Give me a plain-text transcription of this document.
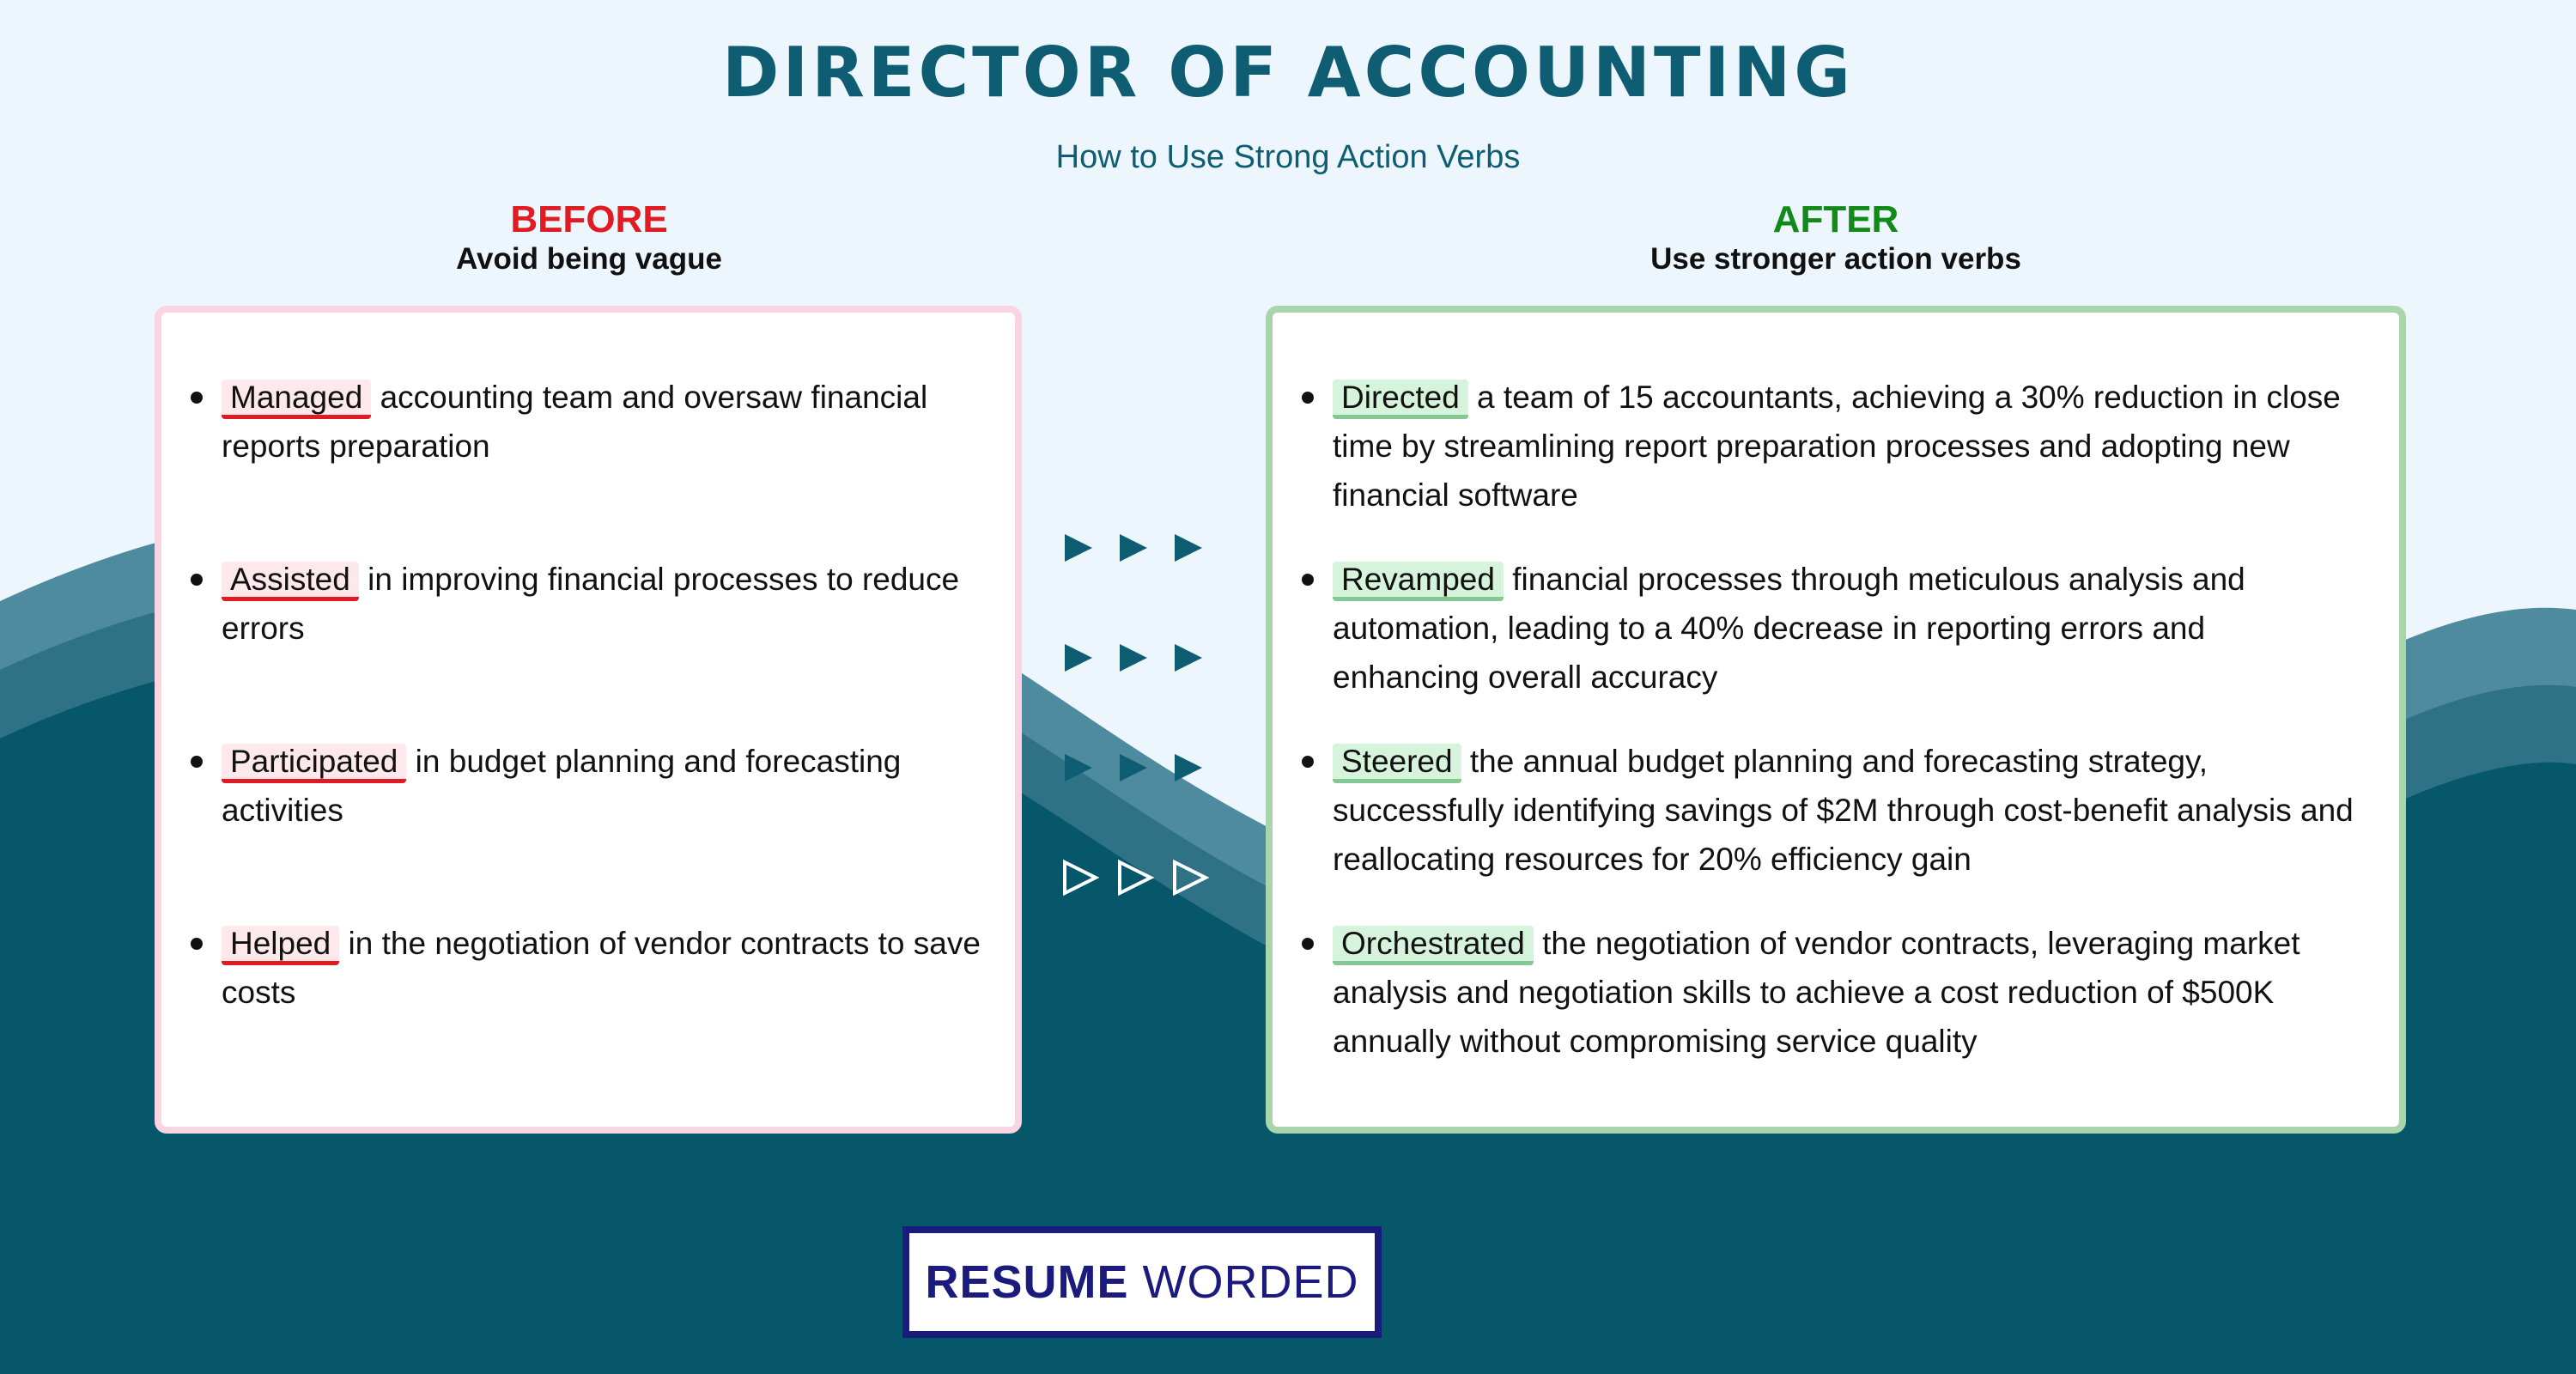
DIRECTOR OF ACCOUNTING
How to Use Strong Action Verbs
BEFORE
Avoid being vague
AFTER
Use stronger action verbs
Managed accounting team and oversaw financial reports preparation
Assisted in improving financial processes to reduce errors
Participated in budget planning and forecasting activities
Helped in the negotiation of vendor contracts to save costs
Directed a team of 15 accountants, achieving a 30% reduction in close time by streamlining report preparation processes and adopting new financial software
Revamped financial processes through meticulous analysis and automation, leading to a 40% decrease in reporting errors and enhancing overall accuracy
Steered the annual budget planning and forecasting strategy, successfully identifying savings of $2M through cost-benefit analysis and reallocating resources for 20% efficiency gain
Orchestrated the negotiation of vendor contracts, leveraging market analysis and negotiation skills to achieve a cost reduction of $500K annually without compromising service quality
RESUME WORDED
